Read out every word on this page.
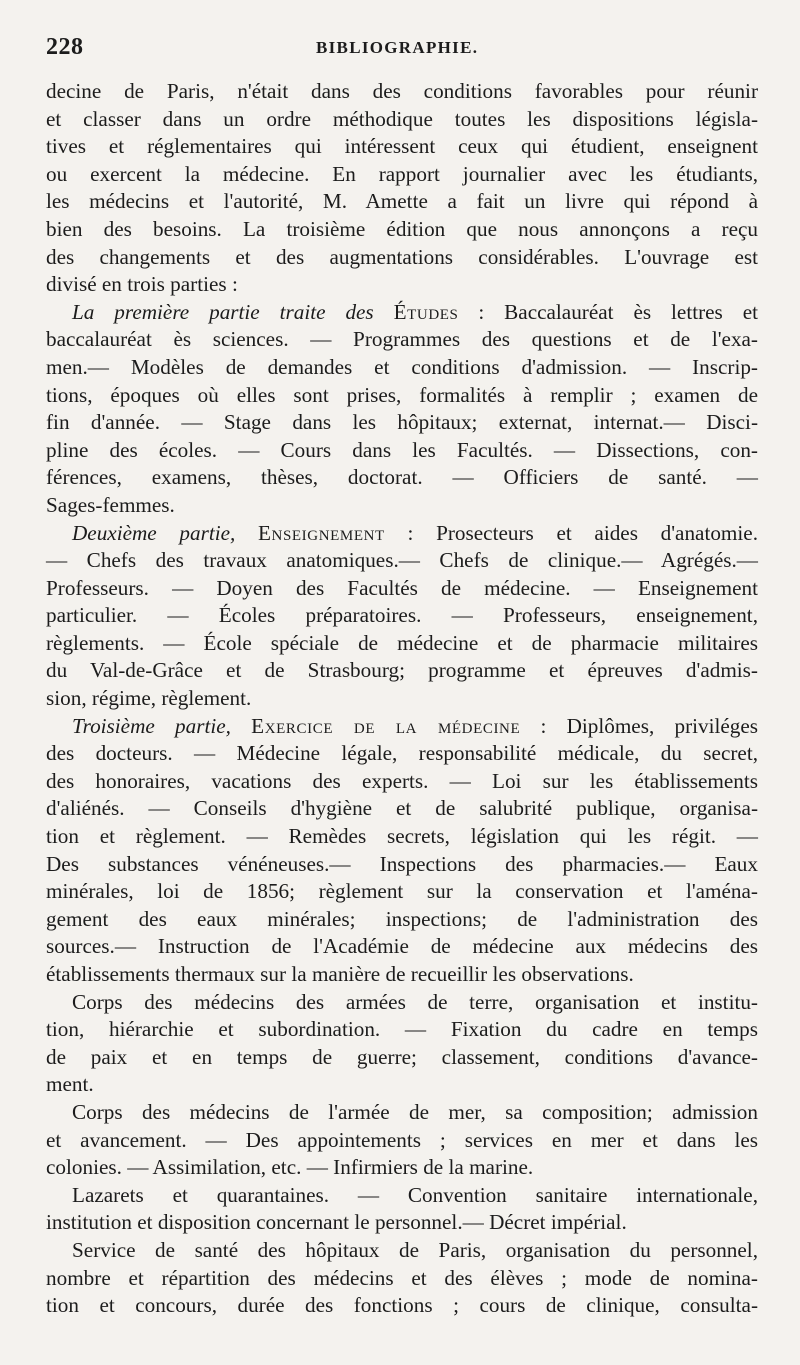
228	BIBLIOGRAPHIE.
decine de Paris, n'était dans des conditions favorables pour réunir
et classer dans un ordre méthodique toutes les dispositions législa-
tives et réglementaires qui intéressent ceux qui étudient, enseignent
ou exercent la médecine. En rapport journalier avec les étudiants,
les médecins et l'autorité, M. Amette a fait un livre qui répond à
bien des besoins. La troisième édition que nous annonçons a reçu
des changements et des augmentations considérables. L'ouvrage est
divisé en trois parties :
La première partie traite des Études : Baccalauréat ès lettres et
baccalauréat ès sciences. — Programmes des questions et de l'exa-
men.— Modèles de demandes et conditions d'admission. — Inscrip-
tions, époques où elles sont prises, formalités à remplir ; examen de
fin d'année. — Stage dans les hôpitaux; externat, internat.— Disci-
pline des écoles. — Cours dans les Facultés. — Dissections, con-
férences, examens, thèses, doctorat. — Officiers de santé. —
Sages-femmes.
Deuxième partie, Enseignement : Prosecteurs et aides d'anatomie.
— Chefs des travaux anatomiques.— Chefs de clinique.— Agrégés.—
Professeurs. — Doyen des Facultés de médecine. — Enseignement
particulier. — Écoles préparatoires. — Professeurs, enseignement,
règlements. — École spéciale de médecine et de pharmacie militaires
du Val-de-Grâce et de Strasbourg; programme et épreuves d'admis-
sion, régime, règlement.
Troisième partie, Exercice de la médecine : Diplômes, priviléges
des docteurs. — Médecine légale, responsabilité médicale, du secret,
des honoraires, vacations des experts. — Loi sur les établissements
d'aliénés. — Conseils d'hygiène et de salubrité publique, organisa-
tion et règlement. — Remèdes secrets, législation qui les régit. —
Des substances vénéneuses.— Inspections des pharmacies.— Eaux
minérales, loi de 1856; règlement sur la conservation et l'aména-
gement des eaux minérales; inspections; de l'administration des
sources.— Instruction de l'Académie de médecine aux médecins des
établissements thermaux sur la manière de recueillir les observations.
Corps des médecins des armées de terre, organisation et institu-
tion, hiérarchie et subordination. — Fixation du cadre en temps
de paix et en temps de guerre; classement, conditions d'avance-
ment.
Corps des médecins de l'armée de mer, sa composition; admission
et avancement. — Des appointements ; services en mer et dans les
colonies. — Assimilation, etc. — Infirmiers de la marine.
Lazarets et quarantaines. — Convention sanitaire internationale,
institution et disposition concernant le personnel.— Décret impérial.
Service de santé des hôpitaux de Paris, organisation du personnel,
nombre et répartition des médecins et des élèves ; mode de nomina-
tion et concours, durée des fonctions ; cours de clinique, consulta-
